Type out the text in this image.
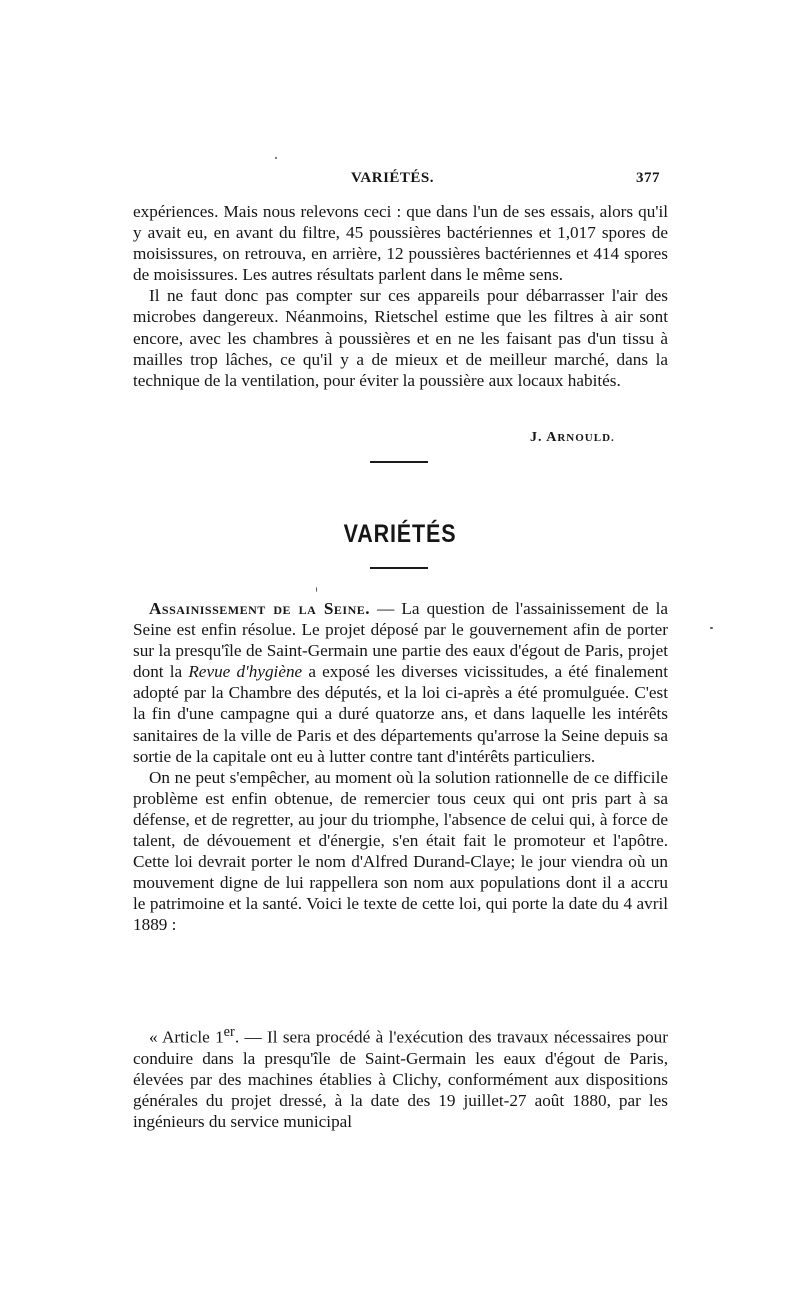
VARIÉTÉS.	377

expériences. Mais nous relevons ceci : que dans l'un de ses essais, alors qu'il y avait eu, en avant du filtre, 45 poussières bactériennes et 1,017 spores de moisissures, on retrouva, en arrière, 12 poussières bactériennes et 414 spores de moisissures. Les autres résultats parlent dans le même sens.

Il ne faut donc pas compter sur ces appareils pour débarrasser l'air des microbes dangereux. Néanmoins, Rietschel estime que les filtres à air sont encore, avec les chambres à poussières et en ne les faisant pas d'un tissu à mailles trop lâches, ce qu'il y a de mieux et de meilleur marché, dans la technique de la ventilation, pour éviter la poussière aux locaux habités.

J. ARNOULD.
VARIÉTÉS

Assainissement de la Seine. — La question de l'assainissement de la Seine est enfin résolue. Le projet déposé par le gouvernement afin de porter sur la presqu'île de Saint-Germain une partie des eaux d'égout de Paris, projet dont la Revue d'hygiène a exposé les diverses vicissitudes, a été finalement adopté par la Chambre des députés, et la loi ci-après a été promulguée. C'est la fin d'une campagne qui a duré quatorze ans, et dans laquelle les intérêts sanitaires de la ville de Paris et des départements qu'arrose la Seine depuis sa sortie de la capitale ont eu à lutter contre tant d'intérêts particuliers.

On ne peut s'empêcher, au moment où la solution rationnelle de ce difficile problème est enfin obtenue, de remercier tous ceux qui ont pris part à sa défense, et de regretter, au jour du triomphe, l'absence de celui qui, à force de talent, de dévouement et d'énergie, s'en était fait le promoteur et l'apôtre. Cette loi devrait porter le nom d'Alfred Durand-Claye; le jour viendra où un mouvement digne de lui rappellera son nom aux populations dont il a accru le patrimoine et la santé. Voici le texte de cette loi, qui porte la date du 4 avril 1889 :

« Article 1er. — Il sera procédé à l'exécution des travaux nécessaires pour conduire dans la presqu'île de Saint-Germain les eaux d'égout de Paris, élevées par des machines établies à Clichy, conformément aux dispositions générales du projet dressé, à la date des 19 juillet-27 août 1880, par les ingénieurs du service municipal
